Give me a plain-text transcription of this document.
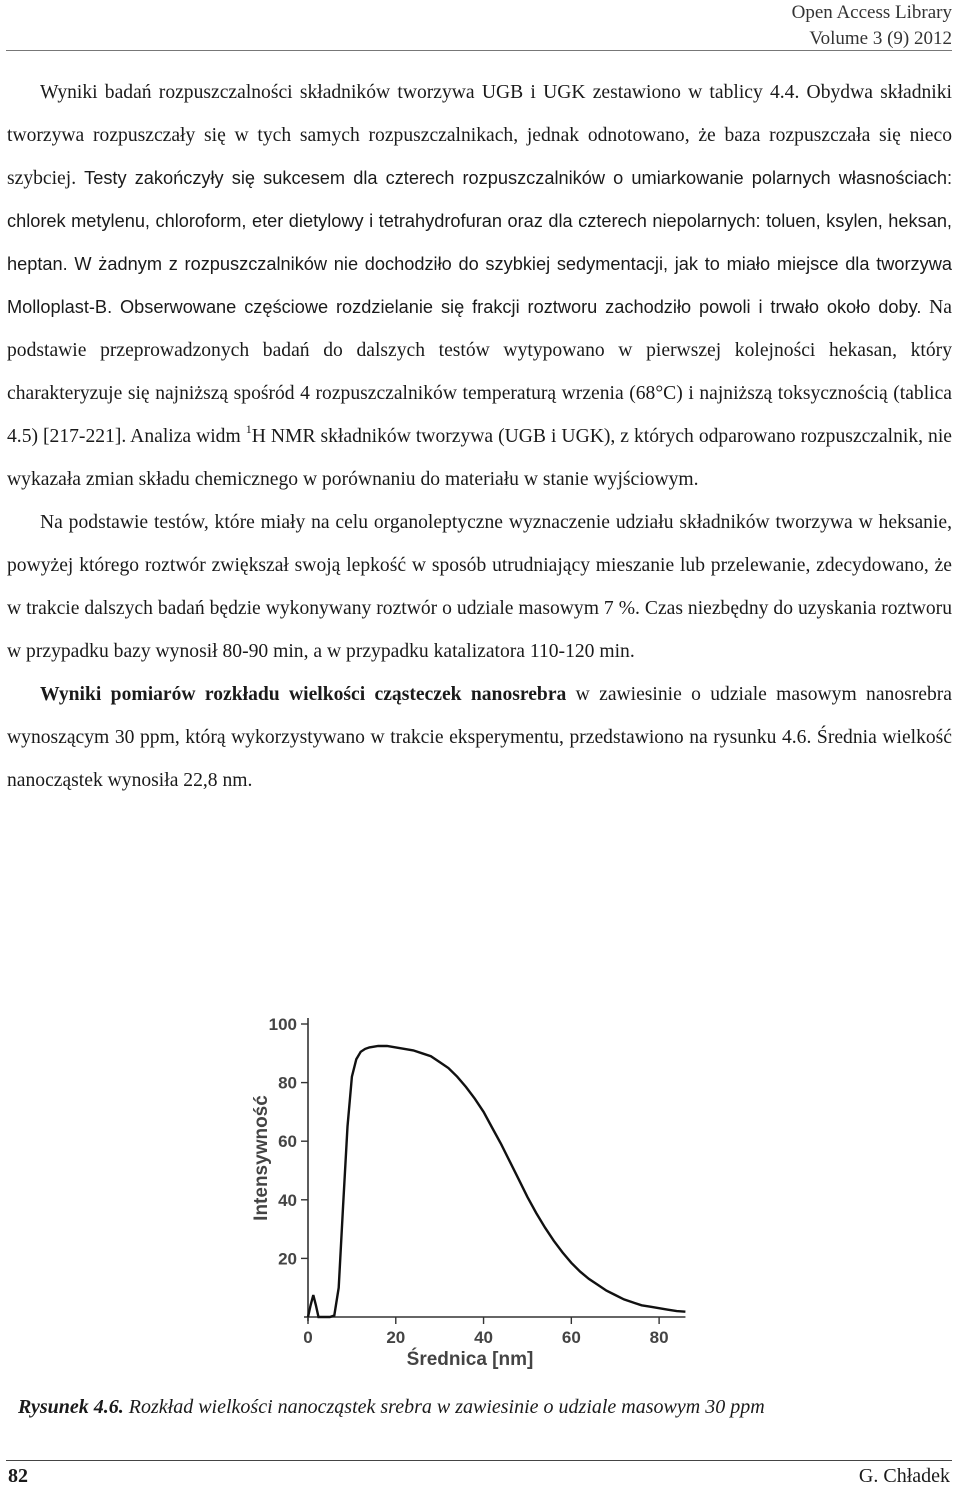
Open Access Library
Volume 3 (9) 2012

Wyniki badań rozpuszczalności składników tworzywa UGB i UGK zestawiono w tablicy 4.4. Obydwa składniki tworzywa rozpuszczały się w tych samych rozpuszczalnikach, jednak odnotowano, że baza rozpuszczała się nieco szybciej. Testy zakończyły się sukcesem dla czterech rozpuszczalników o umiarkowanie polarnych własnościach: chlorek metylenu, chloroform, eter dietylowy i tetrahydrofuran oraz dla czterech niepolarnych: toluen, ksylen, heksan, heptan. W żadnym z rozpuszczalników nie dochodziło do szybkiej sedymentacji, jak to miało miejsce dla tworzywa Molloplast-B. Obserwowane częściowe rozdzielanie się frakcji roztworu zachodziło powoli i trwało około doby. Na podstawie przeprowadzonych badań do dalszych testów wytypowano w pierwszej kolejności hekasan, który charakteryzuje się najniższą spośród 4 rozpuszczalników temperaturą wrzenia (68°C) i najniższą toksycznością (tablica 4.5) [217-221]. Analiza widm $^1$H NMR składników tworzywa (UGB i UGK), z których odparowano rozpuszczalnik, nie wykazała zmian składu chemicznego w porównaniu do materiału w stanie wyjściowym.

Na podstawie testów, które miały na celu organoleptyczne wyznaczenie udziału składników tworzywa w heksanie, powyżej którego roztwór zwiększał swoją lepkość w sposób utrudniający mieszanie lub przelewanie, zdecydowano, że w trakcie dalszych badań będzie wykonywany roztwór o udziale masowym 7 %. Czas niezbędny do uzyskania roztworu w przypadku bazy wynosił 80-90 min, a w przypadku katalizatora 110-120 min.

Wyniki pomiarów rozkładu wielkości cząsteczek nanosrebra w zawiesinie o udziale masowym nanosrebra wynoszącym 30 ppm, którą wykorzystywano w trakcie eksperymentu, przedstawiono na rysunku 4.6. Średnia wielkość nanocząstek wynosiła 22,8 nm.

0	20	40	60	80
20
40
60
80
100
Intensywność
Średnica [nm]
Rysunek 4.6. Rozkład wielkości nanocząstek srebra w zawiesinie o udziale masowym 30 ppm
82	G. Chładek
